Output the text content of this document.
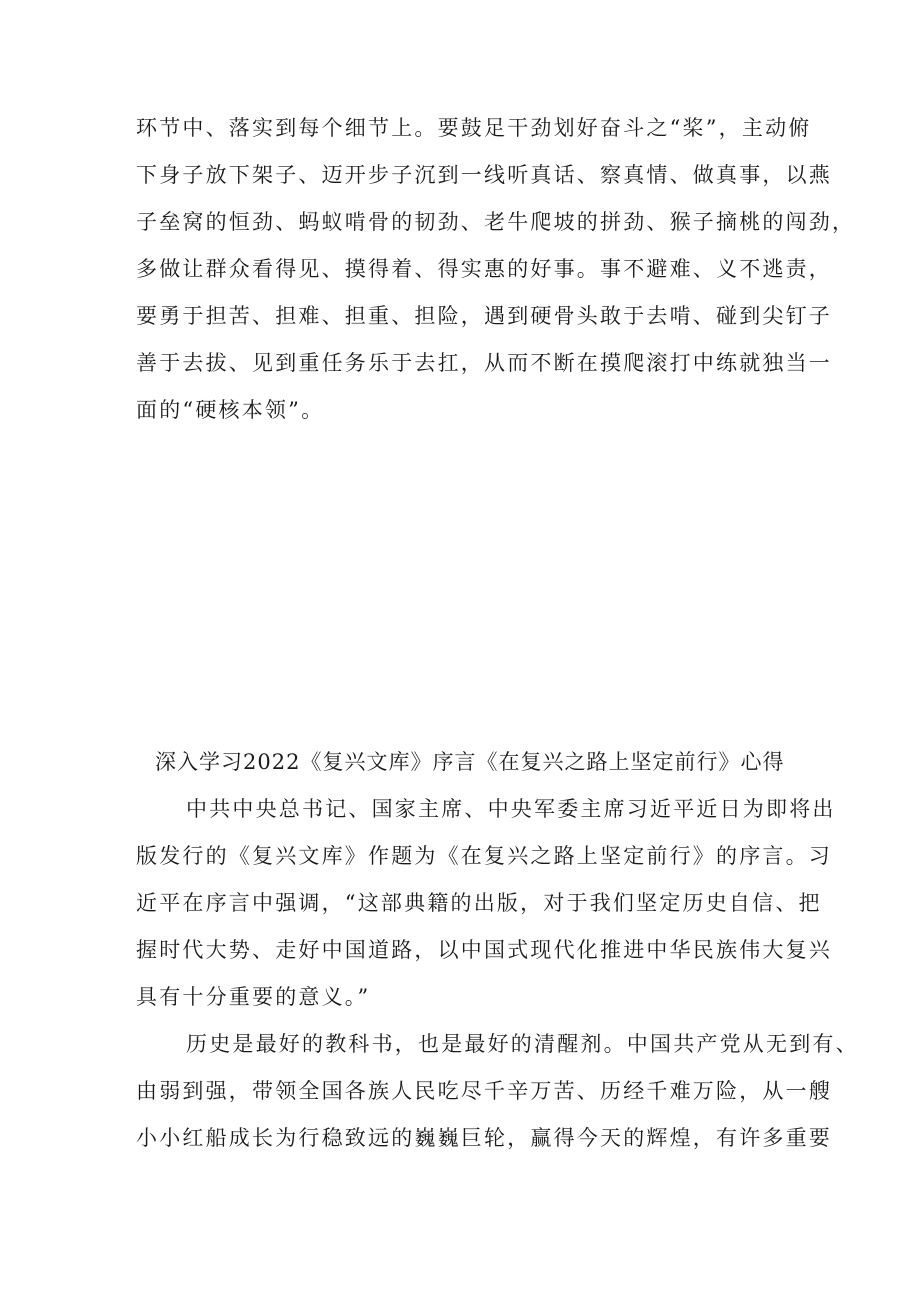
环节中、落实到每个细节上。要鼓足干劲划好奋斗之“桨”，主动俯
下身子放下架子、迈开步子沉到一线听真话、察真情、做真事，以燕
子垒窝的恒劲、蚂蚁啃骨的韧劲、老牛爬坡的拼劲、猴子摘桃的闯劲，
多做让群众看得见、摸得着、得实惠的好事。事不避难、义不逃责，
要勇于担苦、担难、担重、担险，遇到硬骨头敢于去啃、碰到尖钉子
善于去拔、见到重任务乐于去扛，从而不断在摸爬滚打中练就独当一
面的“硬核本领”。
深入学习2022《复兴文库》序言《在复兴之路上坚定前行》心得
中共中央总书记、国家主席、中央军委主席习近平近日为即将出
版发行的《复兴文库》作题为《在复兴之路上坚定前行》的序言。习
近平在序言中强调，“这部典籍的出版，对于我们坚定历史自信、把
握时代大势、走好中国道路，以中国式现代化推进中华民族伟大复兴
具有十分重要的意义。”
历史是最好的教科书，也是最好的清醒剂。中国共产党从无到有、
由弱到强，带领全国各族人民吃尽千辛万苦、历经千难万险，从一艘
小小红船成长为行稳致远的巍巍巨轮，赢得今天的辉煌，有许多重要
